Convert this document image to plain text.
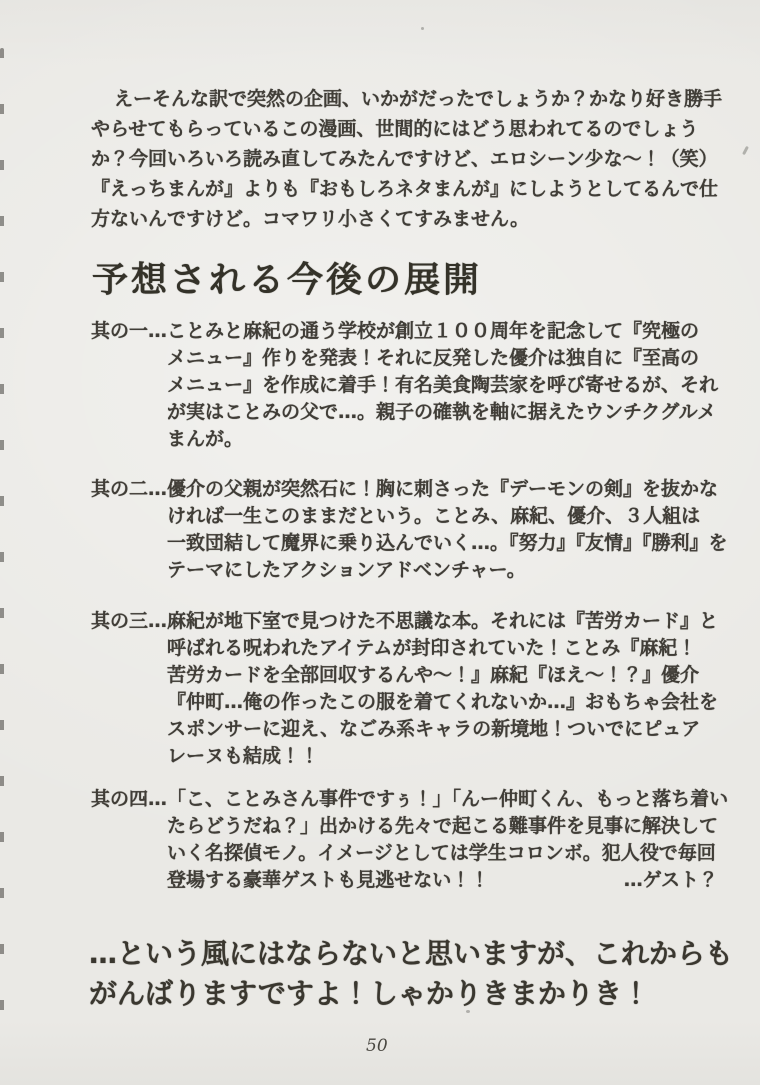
えーそんな訳で突然の企画、いかがだったでしょうか？かなり好き勝手
やらせてもらっているこの漫画、世間的にはどう思われてるのでしょう
か？今回いろいろ読み直してみたんですけど、エロシーン少な～！（笑）
『えっちまんが』よりも『おもしろネタまんが』にしようとしてるんで仕
方ないんですけど。コマワリ小さくてすみません。
予想される今後の展開
其の一…ことみと麻紀の通う学校が創立１００周年を記念して『究極の
メニュー』作りを発表！それに反発した優介は独自に『至高の
メニュー』を作成に着手！有名美食陶芸家を呼び寄せるが、それ
が実はことみの父で…。親子の確執を軸に据えたウンチクグルメ
まんが。
其の二…優介の父親が突然石に！胸に刺さった『デーモンの剣』を抜かな
ければ一生このままだという。ことみ、麻紀、優介、３人組は
一致団結して魔界に乗り込んでいく…。『努力』『友情』『勝利』を
テーマにしたアクションアドベンチャー。
其の三…麻紀が地下室で見つけた不思議な本。それには『苦労カード』と
呼ばれる呪われたアイテムが封印されていた！ことみ『麻紀！
苦労カードを全部回収するんや～！』麻紀『ほえ～！？』優介
『仲町…俺の作ったこの服を着てくれないか…』おもちゃ会社を
スポンサーに迎え、なごみ系キャラの新境地！ついでにピュア
レーヌも結成！！
其の四…「こ、ことみさん事件ですぅ！」「んー仲町くん、もっと落ち着い
たらどうだね？」出かける先々で起こる難事件を見事に解決して
いく名探偵モノ。イメージとしては学生コロンボ。犯人役で毎回
登場する豪華ゲストも見逃せない！！	…ゲスト？
…という風にはならないと思いますが、これからも
がんばりますですよ！しゃかりきまかりき！
50
